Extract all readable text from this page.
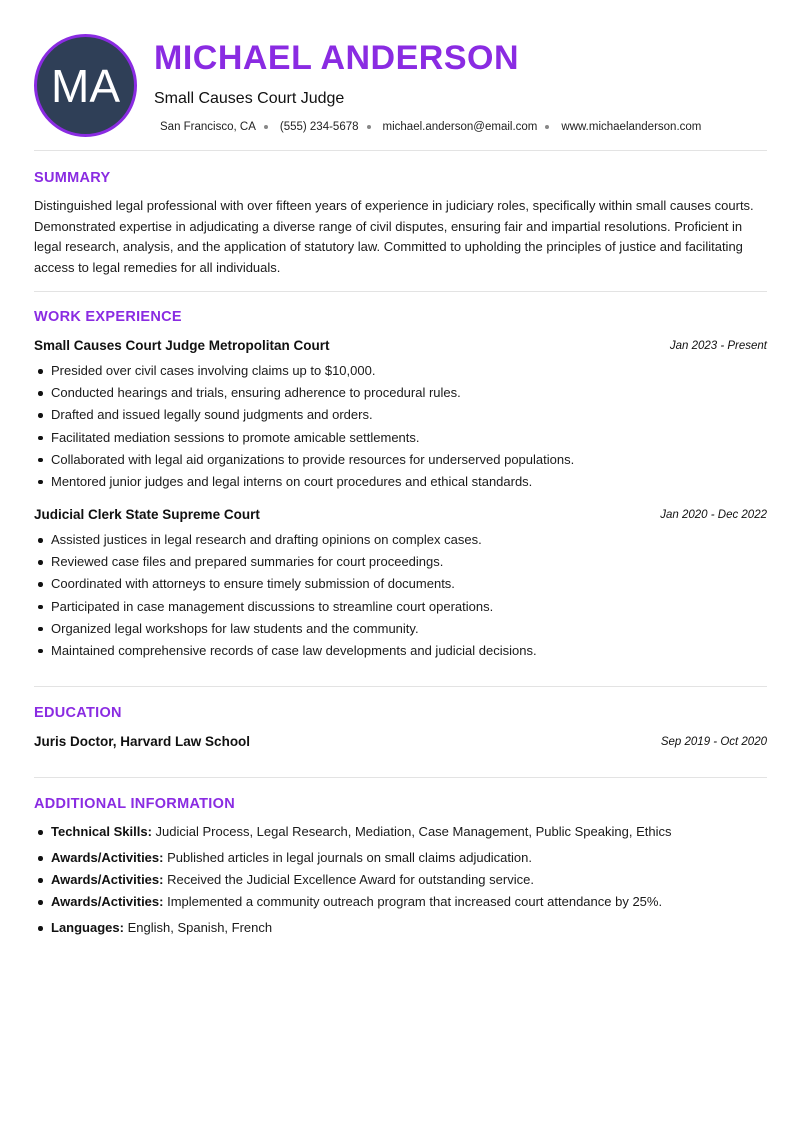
MA
MICHAEL ANDERSON
Small Causes Court Judge
San Francisco, CA (555) 234-5678 michael.anderson@email.com www.michaelanderson.com
SUMMARY
Distinguished legal professional with over fifteen years of experience in judiciary roles, specifically within small causes courts. Demonstrated expertise in adjudicating a diverse range of civil disputes, ensuring fair and impartial resolutions. Proficient in legal research, analysis, and the application of statutory law. Committed to upholding the principles of justice and facilitating access to legal remedies for all individuals.
WORK EXPERIENCE
Small Causes Court Judge Metropolitan Court	Jan 2023 - Present
Presided over civil cases involving claims up to $10,000.
Conducted hearings and trials, ensuring adherence to procedural rules.
Drafted and issued legally sound judgments and orders.
Facilitated mediation sessions to promote amicable settlements.
Collaborated with legal aid organizations to provide resources for underserved populations.
Mentored junior judges and legal interns on court procedures and ethical standards.
Judicial Clerk State Supreme Court	Jan 2020 - Dec 2022
Assisted justices in legal research and drafting opinions on complex cases.
Reviewed case files and prepared summaries for court proceedings.
Coordinated with attorneys to ensure timely submission of documents.
Participated in case management discussions to streamline court operations.
Organized legal workshops for law students and the community.
Maintained comprehensive records of case law developments and judicial decisions.
EDUCATION
Juris Doctor, Harvard Law School	Sep 2019 - Oct 2020
ADDITIONAL INFORMATION
Technical Skills: Judicial Process, Legal Research, Mediation, Case Management, Public Speaking, Ethics
Awards/Activities: Published articles in legal journals on small claims adjudication.
Awards/Activities: Received the Judicial Excellence Award for outstanding service.
Awards/Activities: Implemented a community outreach program that increased court attendance by 25%.
Languages: English, Spanish, French
